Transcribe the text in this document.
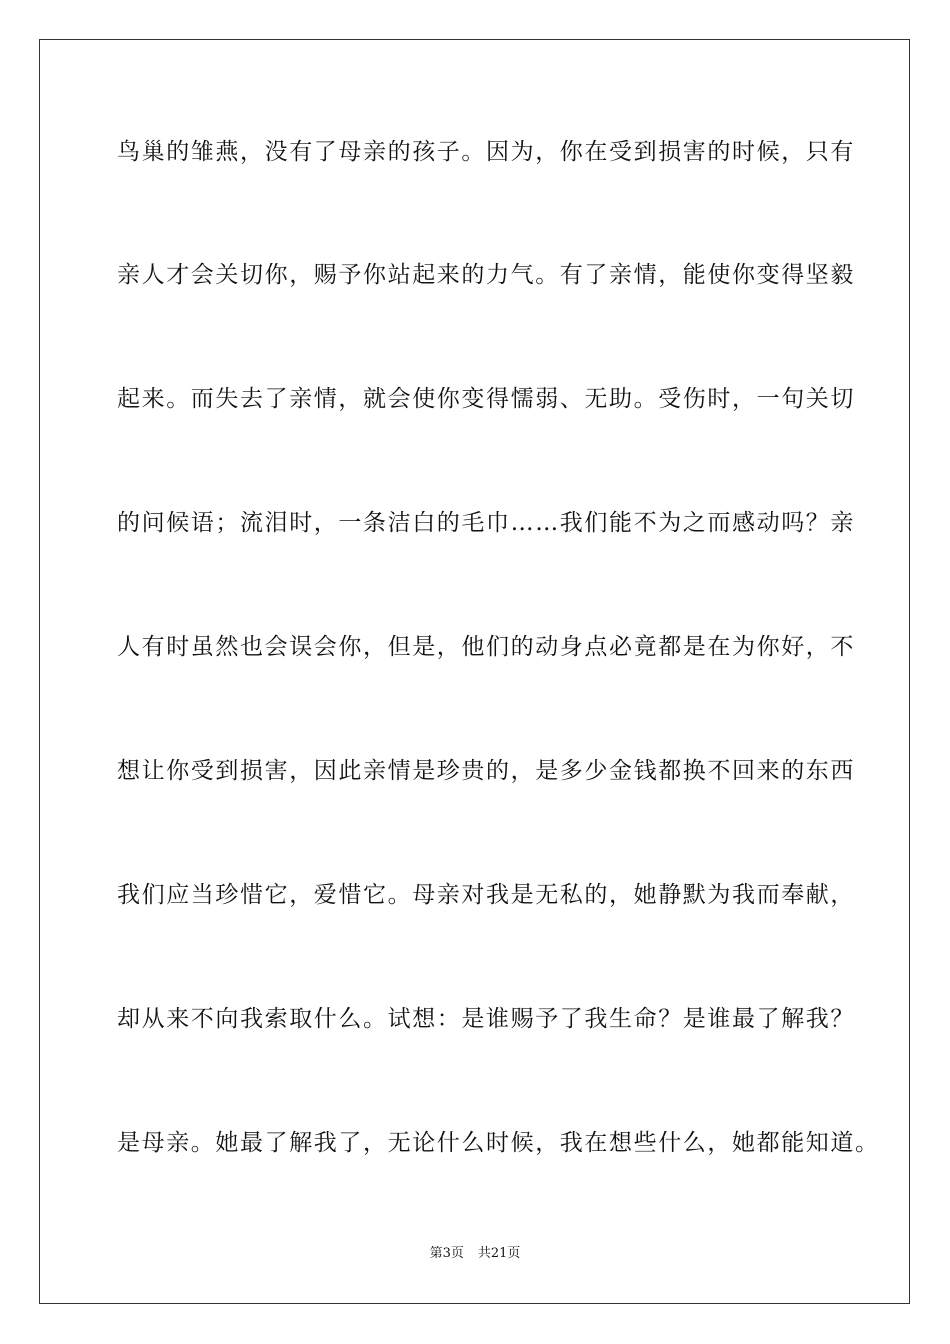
鸟巢的雏燕，没有了母亲的孩子。因为，你在受到损害的时候，只有
亲人才会关切你，赐予你站起来的力气。有了亲情，能使你变得坚毅
起来。而失去了亲情，就会使你变得懦弱、无助。受伤时，一句关切
的问候语；流泪时，一条洁白的毛巾……我们能不为之而感动吗？亲
人有时虽然也会误会你，但是，他们的动身点必竟都是在为你好，不
想让你受到损害，因此亲情是珍贵的，是多少金钱都换不回来的东西
我们应当珍惜它，爱惜它。母亲对我是无私的，她静默为我而奉献，
却从来不向我索取什么。试想：是谁赐予了我生命？是谁最了解我？
是母亲。她最了解我了，无论什么时候，我在想些什么，她都能知道。
第3页 共21页
